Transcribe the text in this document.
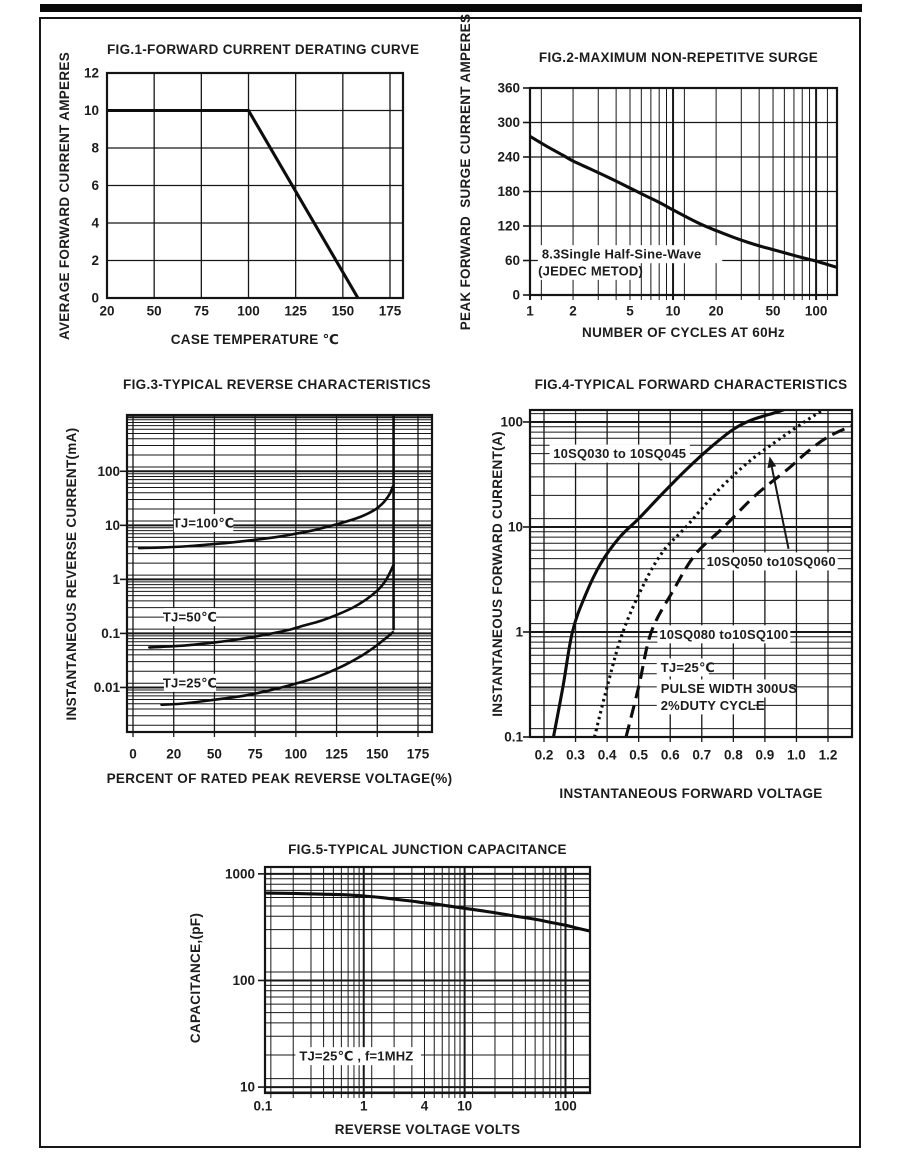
FIG.1-FORWARD CURRENT DERATING CURVE
FIG.2-MAXIMUM NON-REPETITVE SURGE
FIG.3-TYPICAL REVERSE CHARACTERISTICS	FIG.4-TYPICAL FORWARD CHARACTERISTICS
FIG.5-TYPICAL JUNCTION CAPACITANCE
CASE TEMPERATURE ℃	NUMBER OF CYCLES AT 60Hz
PERCENT OF RATED PEAK REVERSE VOLTAGE(%)
INSTANTANEOUS FORWARD VOLTAGE
REVERSE VOLTAGE VOLTS
AVERAGE FORWARD CURRENT AMPERES	PEAK FORWARD  SURGE CURRENT AMPERES
INSTANTANEOUS REVERSE CURRENT(mA)	INSTANTANEOUS FORWARD CURRENT(A)
CAPACITANCE,(pF)
20 50 75 100 125 150 175
0
2
4
6
8
10
12
8.3Single Half-Sine-Wave
(JEDEC METOD)
1	2	5 10 20	50 100
0
60
120
180
240
300
360
TJ=100℃
TJ=50℃
TJ=25℃
0 20 50 75 100 125 150 175
0.01
0.1
1
10
100
10SQ030 to 10SQ045
10SQ050 to10SQ060
10SQ080 to10SQ100
TJ=25℃
PULSE WIDTH 300US
2%DUTY CYCLE
0.2 0.3 0.4 0.5 0.6 0.7 0.8 0.9 1.0 1.2
0.1
1
10
100
TJ=25℃ , f=1MHZ
0.1	1	4 10	100
10
100
1000
